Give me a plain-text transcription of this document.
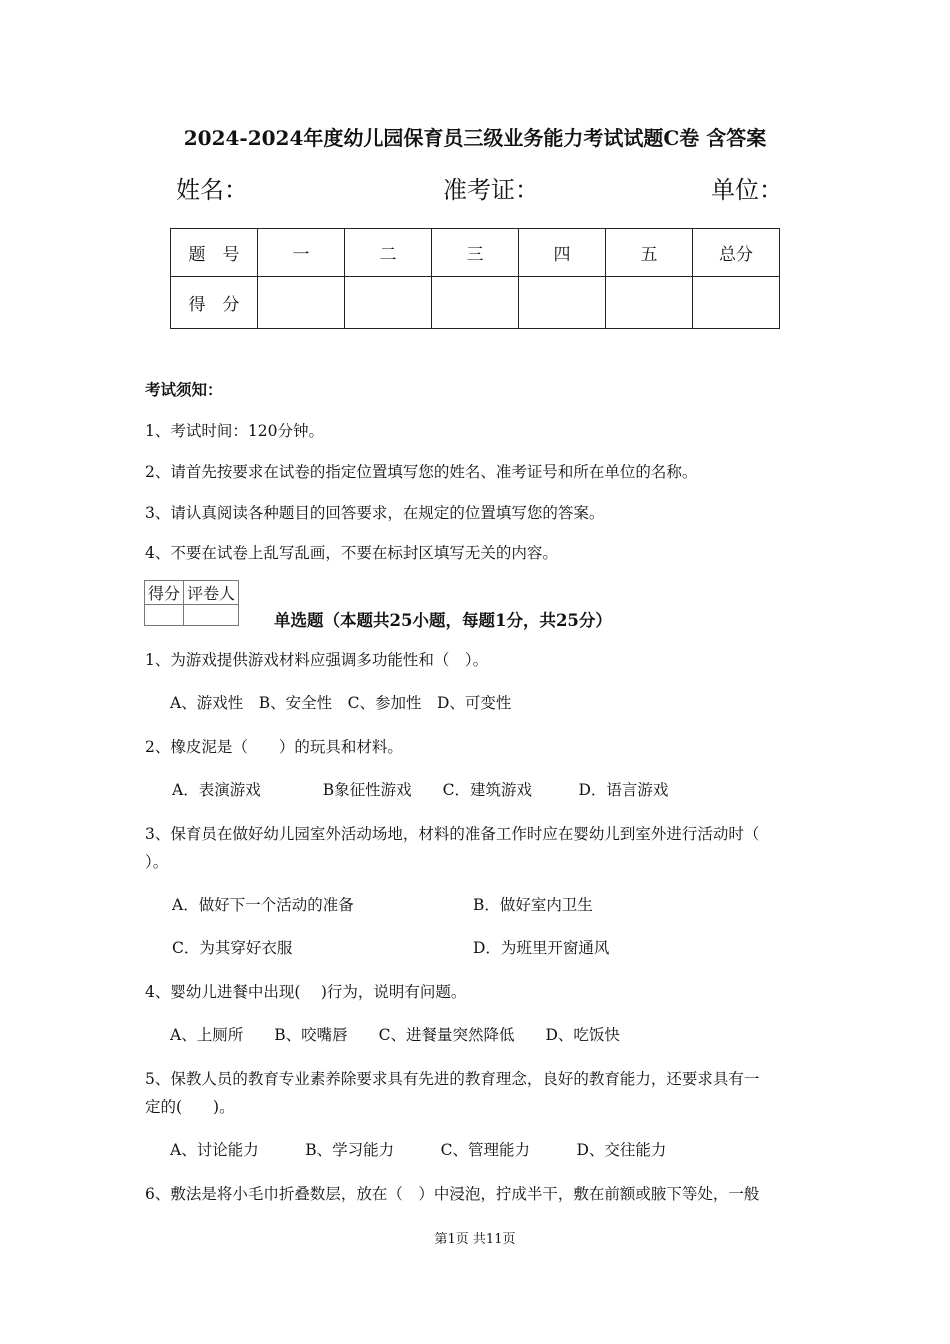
2024-2024年度幼儿园保育员三级业务能力考试试题C卷 含答案
姓名：	准考证：	单位：
题　号	一	二	三	四	五	总分
得　分						
考试须知：
1、考试时间：120分钟。
2、请首先按要求在试卷的指定位置填写您的姓名、准考证号和所在单位的名称。
3、请认真阅读各种题目的回答要求，在规定的位置填写您的答案。
4、不要在试卷上乱写乱画，不要在标封区填写无关的内容。
得分	评卷人

单选题（本题共25小题，每题1分，共25分）
1、为游戏提供游戏材料应强调多功能性和（　）。
A、游戏性　B、安全性　C、参加性　D、可变性
2、橡皮泥是（　　）的玩具和材料。
A．表演游戏　　　　B象征性游戏　　C．建筑游戏　　　D．语言游戏
3、保育员在做好幼儿园室外活动场地，材料的准备工作时应在婴幼儿到室外进行活动时（
）。
A．做好下一个活动的准备	B．做好室内卫生
C．为其穿好衣服	D．为班里开窗通风
4、婴幼儿进餐中出现(　 )行为，说明有问题。
A、上厕所　　B、咬嘴唇　　C、进餐量突然降低　　D、吃饭快
5、保教人员的教育专业素养除要求具有先进的教育理念，良好的教育能力，还要求具有一
定的(　　)。
A、讨论能力　　　B、学习能力　　　C、管理能力　　　D、交往能力
6、敷法是将小毛巾折叠数层，放在（　）中浸泡，拧成半干，敷在前额或腋下等处，一般
第1页 共11页
